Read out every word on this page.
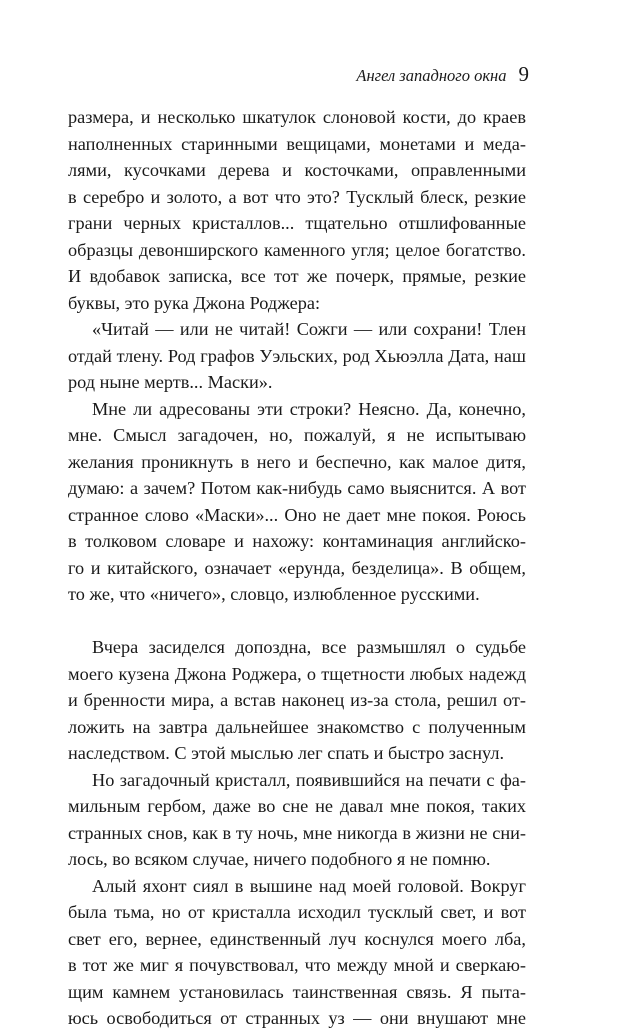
Ангел западного окна 9
размера, и несколько шкатулок слоновой кости, до краев
наполненных старинными вещицами, монетами и меда-
лями, кусочками дерева и косточками, оправленными
в серебро и золото, а вот что это? Тусклый блеск, резкие
грани черных кристаллов... тщательно отшлифованные
образцы девонширского каменного угля; целое богатство.
И вдобавок записка, все тот же почерк, прямые, резкие
буквы, это рука Джона Роджера:
«Читай — или не читай! Сожги — или сохрани! Тлен
отдай тлену. Род графов Уэльских, род Хьюэлла Дата, наш
род ныне мертв... Маски».
Мне ли адресованы эти строки? Неясно. Да, конечно,
мне. Смысл загадочен, но, пожалуй, я не испытываю
желания проникнуть в него и беспечно, как малое дитя,
думаю: а зачем? Потом как-нибудь само выяснится. А вот
странное слово «Маски»... Оно не дает мне покоя. Роюсь
в толковом словаре и нахожу: контаминация английско-
го и китайского, означает «ерунда, безделица». В общем,
то же, что «ничего», словцо, излюбленное русскими.
Вчера засиделся допоздна, все размышлял о судьбе
моего кузена Джона Роджера, о тщетности любых надежд
и бренности мира, а встав наконец из-за стола, решил от-
ложить на завтра дальнейшее знакомство с полученным
наследством. С этой мыслью лег спать и быстро заснул.
Но загадочный кристалл, появившийся на печати с фа-
мильным гербом, даже во сне не давал мне покоя, таких
странных снов, как в ту ночь, мне никогда в жизни не сни-
лось, во всяком случае, ничего подобного я не помню.
Алый яхонт сиял в вышине над моей головой. Вокруг
была тьма, но от кристалла исходил тусклый свет, и вот
свет его, вернее, единственный луч коснулся моего лба,
в тот же миг я почувствовал, что между мной и сверкаю-
щим камнем установилась таинственная связь. Я пыта-
юсь освободиться от странных уз — они внушают мне
